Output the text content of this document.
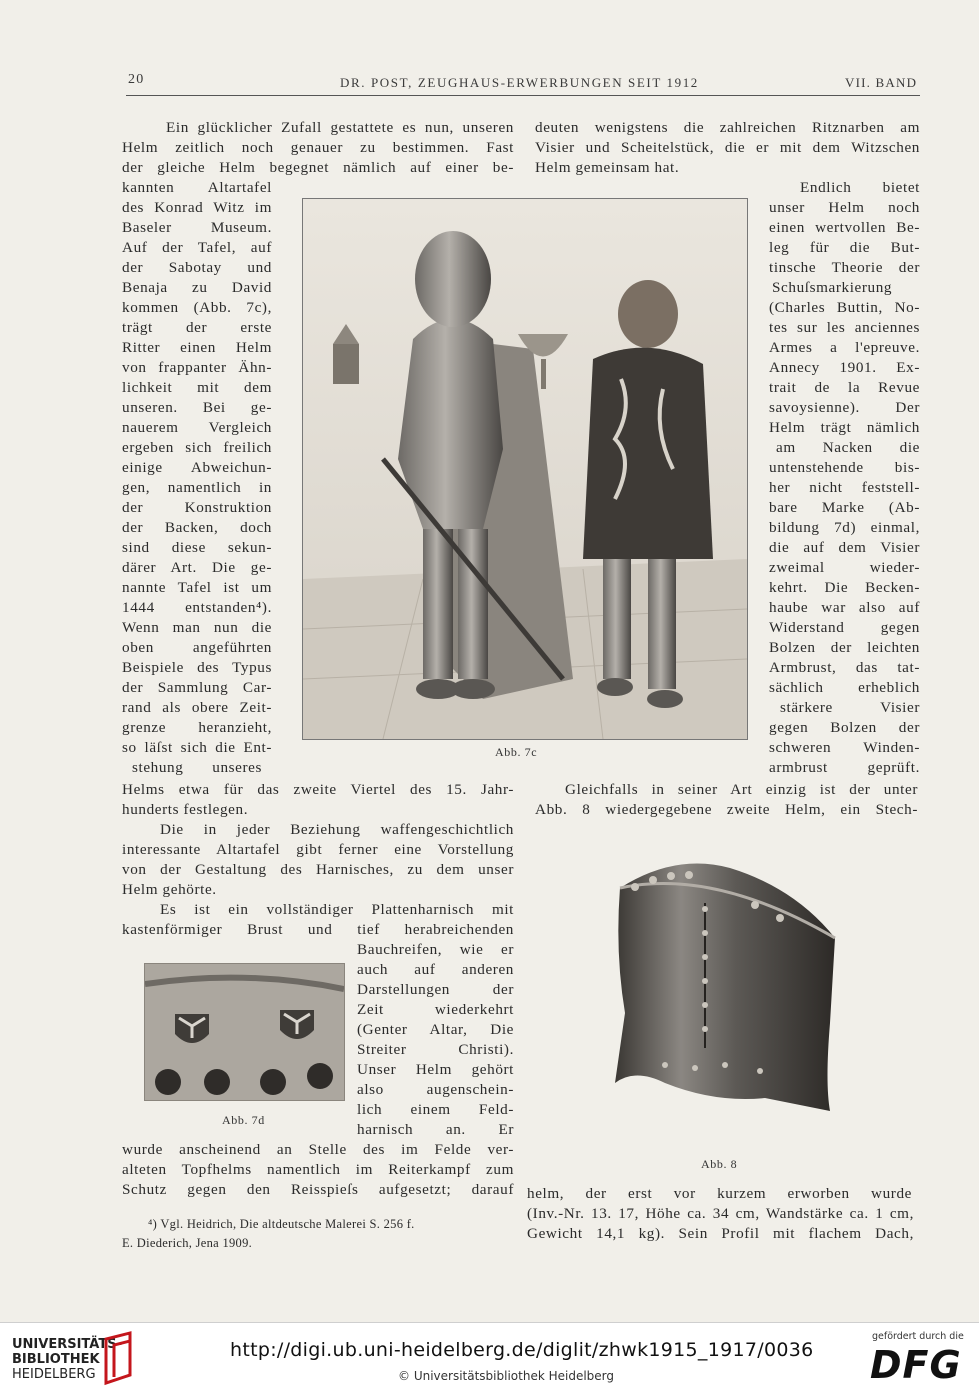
20	DR. POST, ZEUGHAUS-ERWERBUNGEN SEIT 1912	VII. BAND
Ein glücklicher Zufall gestattete es nun, unseren
Helm zeitlich noch genauer zu bestimmen. Fast
der gleiche Helm begegnet nämlich auf einer be-
kannten Altartafel
des Konrad Witz im
Baseler Museum.
Auf der Tafel, auf
der Sabotay und
Benaja zu David
kommen (Abb. 7c),
trägt der erste
Ritter einen Helm
von frappanter Ähn-
lichkeit mit dem
unseren. Bei ge-
nauerem Vergleich
ergeben sich freilich
einige Abweichun-
gen, namentlich in
der Konstruktion
der Backen, doch
sind diese sekun-
därer Art. Die ge-
nannte Tafel ist um
1444 entstanden⁴).
Wenn man nun die
oben angeführten
Beispiele des Typus
der Sammlung Car-
rand als obere Zeit-
grenze heranzieht,
so läſst sich die Ent-
stehung unseres
Helms etwa für das zweite Viertel des 15. Jahr-
hunderts festlegen.
Die in jeder Beziehung waffengeschichtlich
interessante Altartafel gibt ferner eine Vorstellung
von der Gestaltung des Harnisches, zu dem unser
Helm gehörte.
Es ist ein vollständiger Plattenharnisch mit
kastenförmiger Brust und tief herabreichenden
Bauchreifen, wie er
auch auf anderen
Darstellungen der
Zeit wiederkehrt
(Genter Altar, Die
Streiter Christi).
Unser Helm gehört
also augenschein-
lich einem Feld-
harnisch an. Er
wurde anscheinend an Stelle des im Felde ver-
alteten Topfhelms namentlich im Reiterkampf zum
Schutz gegen den Reisspieſs aufgesetzt; darauf
deuten wenigstens die zahlreichen Ritznarben am
Visier und Scheitelstück, die er mit dem Witzschen
Helm gemeinsam hat.
Endlich bietet
unser Helm noch
einen wertvollen Be-
leg für die But-
tinsche Theorie der
Schuſsmarkierung
(Charles Buttin, No-
tes sur les anciennes
Armes a l'epreuve.
Annecy 1901. Ex-
trait de la Revue
savoysienne). Der
Helm trägt nämlich
am Nacken die
untenstehende bis-
her nicht feststell-
bare Marke (Ab-
bildung 7d) einmal,
die auf dem Visier
zweimal wieder-
kehrt. Die Becken-
haube war also auf
Widerstand gegen
Bolzen der leichten
Armbrust, das tat-
sächlich erheblich
stärkere Visier
gegen Bolzen der
schweren Winden-
armbrust geprüft.
Gleichfalls in seiner Art einzig ist der unter
Abb. 8 wiedergegebene zweite Helm, ein Stech-
helm, der erst vor kurzem erworben wurde
(Inv.-Nr. 13. 17, Höhe ca. 34 cm, Wandstärke ca. 1 cm,
Gewicht 14,1 kg). Sein Profil mit flachem Dach,
Abb. 7c
Abb. 7d
Abb. 8
⁴) Vgl. Heidrich, Die altdeutsche Malerei S. 256 f.
E. Diederich, Jena 1909.
UNIVERSITÄTS-
BIBLIOTHEK
HEIDELBERG
http://digi.ub.uni-heidelberg.de/diglit/zhwk1915_1917/0036
© Universitätsbibliothek Heidelberg
gefördert durch die
DFG
